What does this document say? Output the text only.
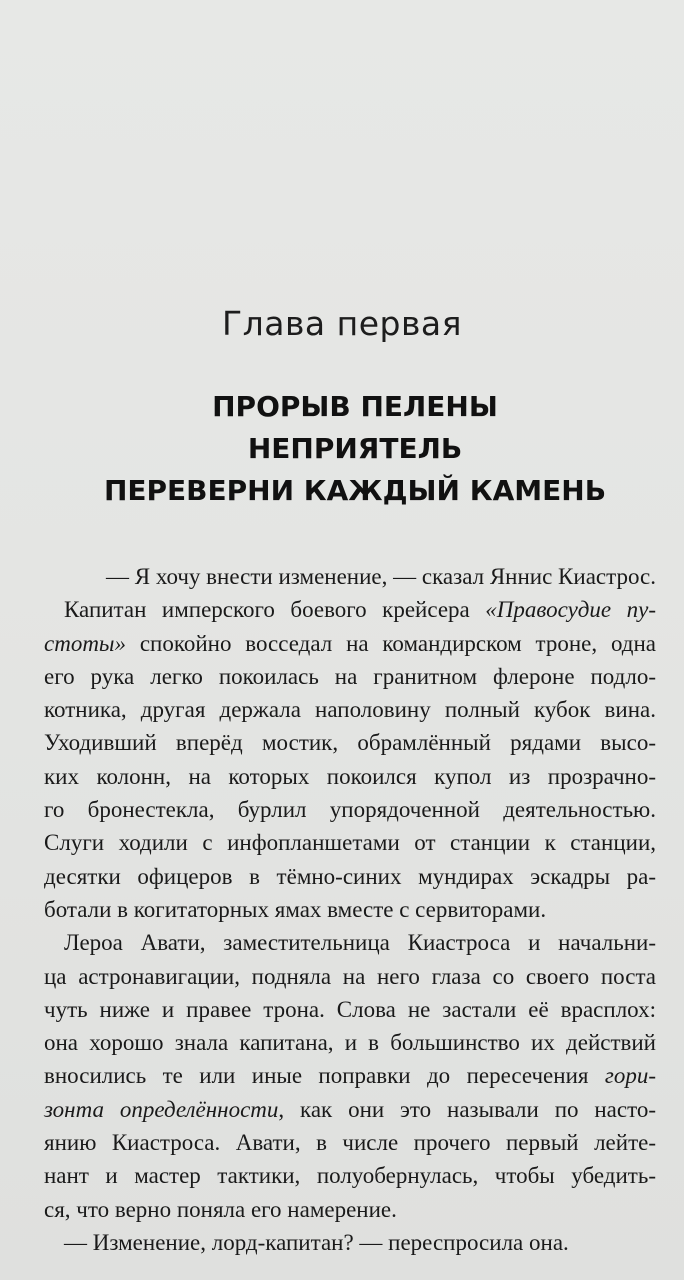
Глава первая
ПРОРЫВ ПЕЛЕНЫ
НЕПРИЯТЕЛЬ
ПЕРЕВЕРНИ КАЖДЫЙ КАМЕНЬ
— Я хочу внести изменение, — сказал Яннис Киастрос.
Капитан имперского боевого крейсера «Правосудие пу-
стоты» спокойно восседал на командирском троне, одна
его рука легко покоилась на гранитном флероне подло-
котника, другая держала наполовину полный кубок вина.
Уходивший вперёд мостик, обрамлённый рядами высо-
ких колонн, на которых покоился купол из прозрачно-
го бронестекла, бурлил упорядоченной деятельностью.
Слуги ходили с инфопланшетами от станции к станции,
десятки офицеров в тёмно-синих мундирах эскадры ра-
ботали в когитаторных ямах вместе с сервиторами.
Лероа Авати, заместительница Киастроса и начальни-
ца астронавигации, подняла на него глаза со своего поста
чуть ниже и правее трона. Слова не застали её врасплох:
она хорошо знала капитана, и в большинство их действий
вносились те или иные поправки до пересечения гори-
зонта определённости, как они это называли по насто-
янию Киастроса. Авати, в числе прочего первый лейте-
нант и мастер тактики, полуобернулась, чтобы убедить-
ся, что верно поняла его намерение.
— Изменение, лорд-капитан? — переспросила она.
